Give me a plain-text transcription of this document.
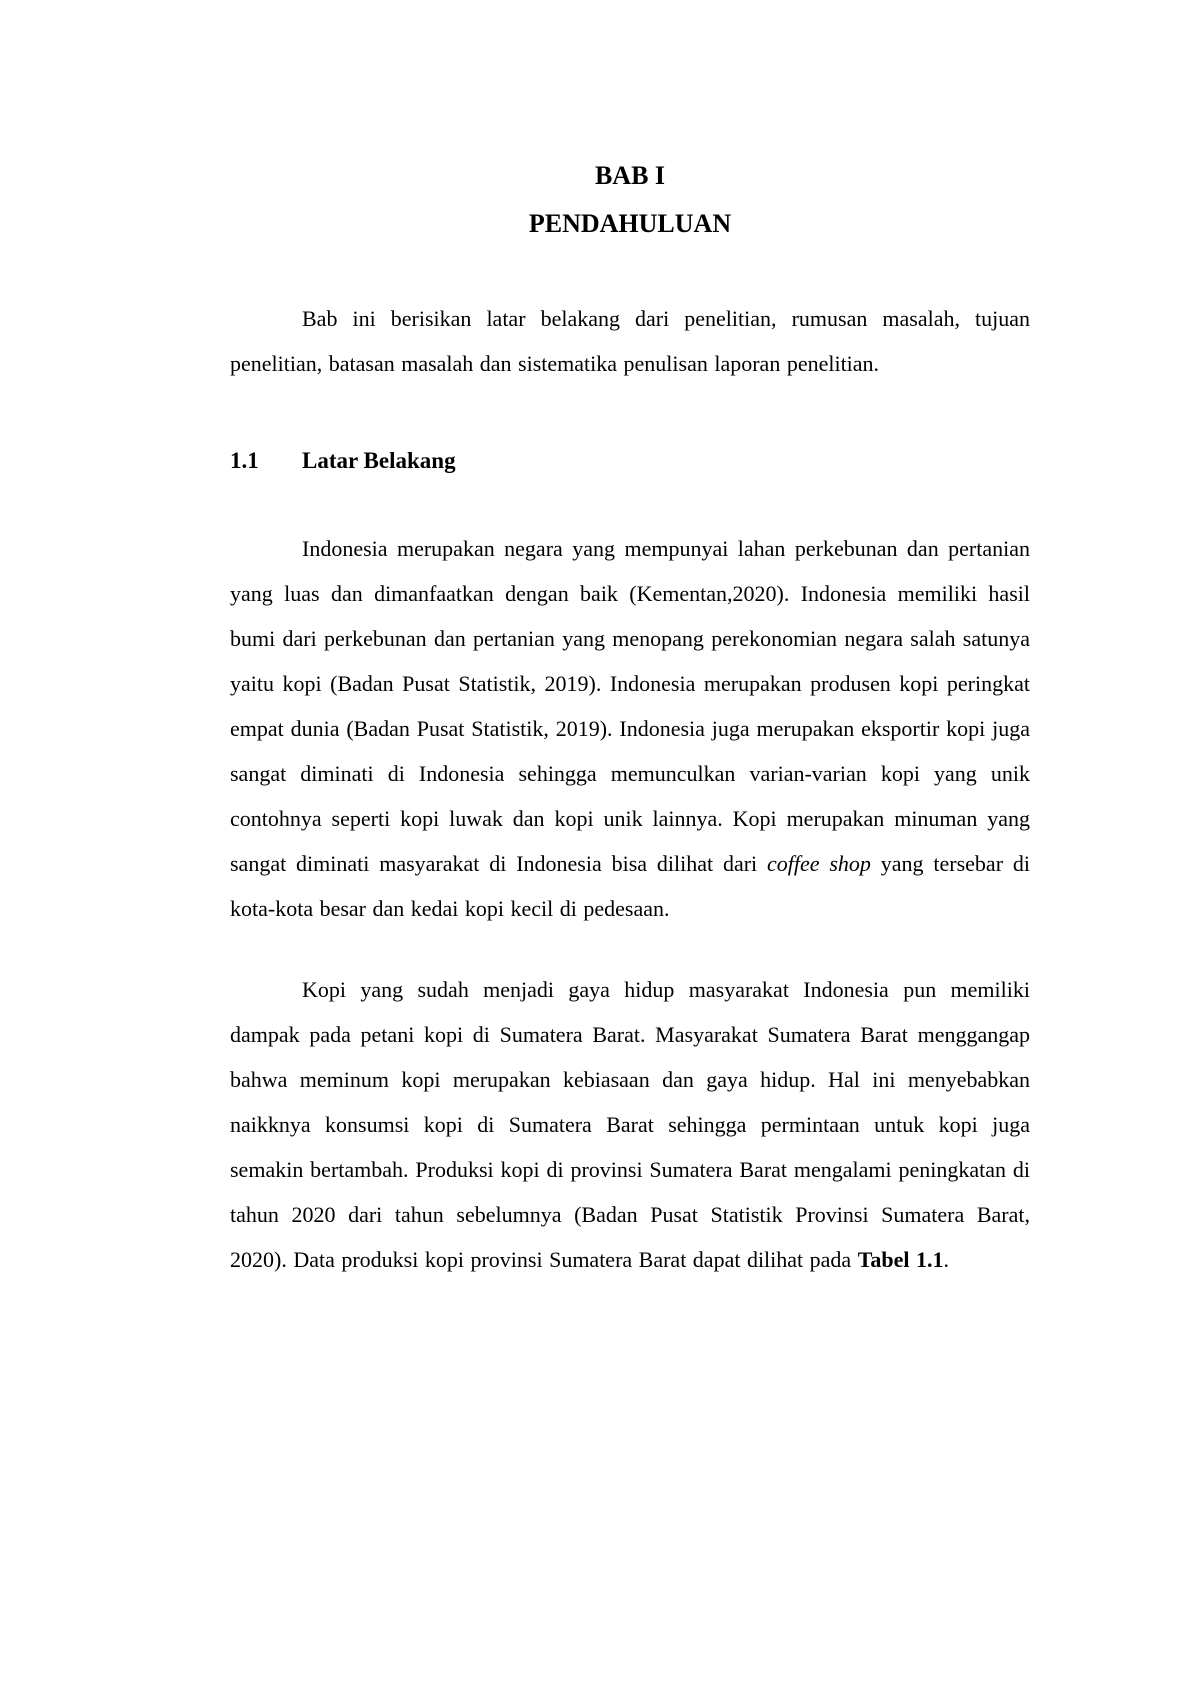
BAB I
PENDAHULUAN

Bab ini berisikan latar belakang dari penelitian, rumusan masalah, tujuan penelitian, batasan masalah dan sistematika penulisan laporan penelitian.

1.1	Latar Belakang

Indonesia merupakan negara yang mempunyai lahan perkebunan dan pertanian yang luas dan dimanfaatkan dengan baik (Kementan,2020). Indonesia memiliki hasil bumi dari perkebunan dan pertanian yang menopang perekonomian negara salah satunya yaitu kopi (Badan Pusat Statistik, 2019). Indonesia merupakan produsen kopi peringkat empat dunia (Badan Pusat Statistik, 2019). Indonesia juga merupakan eksportir kopi juga sangat diminati di Indonesia sehingga memunculkan varian-varian kopi yang unik contohnya seperti kopi luwak dan kopi unik lainnya. Kopi merupakan minuman yang sangat diminati masyarakat di Indonesia bisa dilihat dari coffee shop yang tersebar di kota-kota besar dan kedai kopi kecil di pedesaan.

Kopi yang sudah menjadi gaya hidup masyarakat Indonesia pun memiliki dampak pada petani kopi di Sumatera Barat. Masyarakat Sumatera Barat menggangap bahwa meminum kopi merupakan kebiasaan dan gaya hidup. Hal ini menyebabkan naikknya konsumsi kopi di Sumatera Barat sehingga permintaan untuk kopi juga semakin bertambah. Produksi kopi di provinsi Sumatera Barat mengalami peningkatan di tahun 2020 dari tahun sebelumnya (Badan Pusat Statistik Provinsi Sumatera Barat, 2020). Data produksi kopi provinsi Sumatera Barat dapat dilihat pada Tabel 1.1.
